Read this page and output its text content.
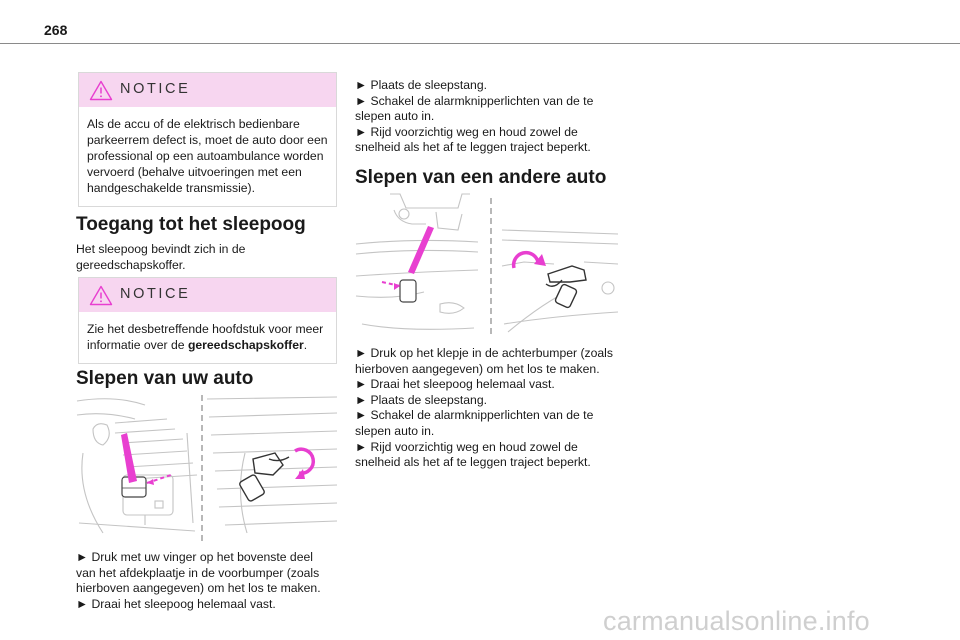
268
NOTICE
Als de accu of de elektrisch bedienbare
parkeerrem defect is, moet de auto door een
professional op een autoambulance worden
vervoerd (behalve uitvoeringen met een
handgeschakelde transmissie).
Toegang tot het sleepoog
Het sleepoog bevindt zich in de
gereedschapskoffer.
NOTICE
Zie het desbetreffende hoofdstuk voor meer
informatie over de gereedschapskoffer.
Slepen van uw auto
► Druk met uw vinger op het bovenste deel
van het afdekplaatje in de voorbumper (zoals
hierboven aangegeven) om het los te maken.
► Draai het sleepoog helemaal vast.
► Plaats de sleepstang.
► Schakel de alarmknipperlichten van de te
slepen auto in.
► Rijd voorzichtig weg en houd zowel de
snelheid als het af te leggen traject beperkt.
Slepen van een andere auto
► Druk op het klepje in de achterbumper (zoals
hierboven aangegeven) om het los te maken.
► Draai het sleepoog helemaal vast.
► Plaats de sleepstang.
► Schakel de alarmknipperlichten van de te
slepen auto in.
► Rijd voorzichtig weg en houd zowel de
snelheid als het af te leggen traject beperkt.
carmanualsonline.info
